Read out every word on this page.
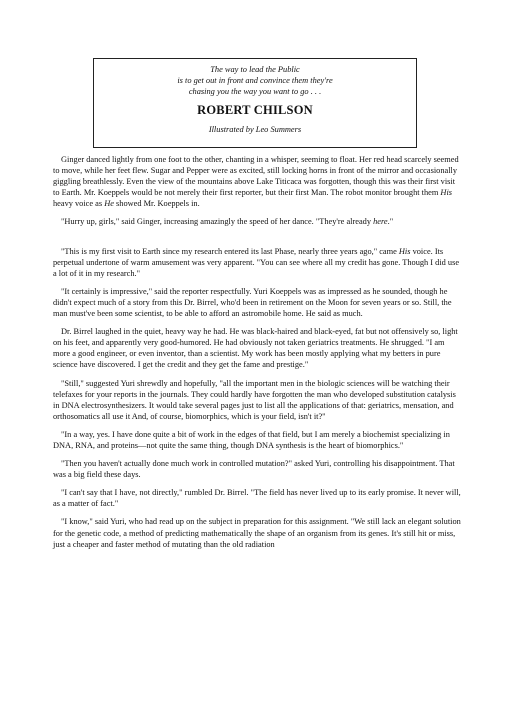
The way to lead the Public
is to get out in front and convince them they're
chasing you the way you want to go . . .

ROBERT CHILSON

Illustrated by Leo Summers

Ginger danced lightly from one foot to the other, chanting in a whisper, seeming to float. Her red head scarcely seemed to move, while her feet flew. Sugar and Pepper were as excited, still locking horns in front of the mirror and occasionally giggling breathlessly. Even the view of the mountains above Lake Titicaca was forgotten, though this was their first visit to Earth. Mr. Koeppels would be not merely their first reporter, but their first Man. The robot monitor brought them His heavy voice as He showed Mr. Koeppels in.

"Hurry up, girls," said Ginger, increasing amazingly the speed of her dance. "They're already here."

"This is my first visit to Earth since my research entered its last Phase, nearly three years ago," came His voice. Its perpetual undertone of warm amusement was very apparent. "You can see where all my credit has gone. Though I did use a lot of it in my research."

"It certainly is impressive," said the reporter respectfully. Yuri Koeppels was as impressed as he sounded, though he didn't expect much of a story from this Dr. Birrel, who'd been in retirement on the Moon for seven years or so. Still, the man must've been some scientist, to be able to afford an astromobile home. He said as much.

Dr. Birrel laughed in the quiet, heavy way he had. He was black-haired and black-eyed, fat but not offensively so, light on his feet, and apparently very good-humored. He had obviously not taken geriatrics treatments. He shrugged. "I am more a good engineer, or even inventor, than a scientist. My work has been mostly applying what my betters in pure science have discovered. I get the credit and they get the fame and prestige."

"Still," suggested Yuri shrewdly and hopefully, "all the important men in the biologic sciences will be watching their telefaxes for your reports in the journals. They could hardly have forgotten the man who developed substitution catalysis in DNA electrosynthesizers. It would take several pages just to list all the applications of that: geriatrics, mensation, and orthosomatics all use it And, of course, biomorphics, which is your field, isn't it?"

"In a way, yes. I have done quite a bit of work in the edges of that field, but I am merely a biochemist specializing in DNA, RNA, and proteins—not quite the same thing, though DNA synthesis is the heart of biomorphics."

"Then you haven't actually done much work in controlled mutation?" asked Yuri, controlling his disappointment. That was a big field these days.

"I can't say that I have, not directly," rumbled Dr. Birrel. "The field has never lived up to its early promise. It never will, as a matter of fact."

"I know," said Yuri, who had read up on the subject in preparation for this assignment. "We still lack an elegant solution for the genetic code, a method of predicting mathematically the shape of an organism from its genes. It's still hit or miss, just a cheaper and faster method of mutating than the old radiation
